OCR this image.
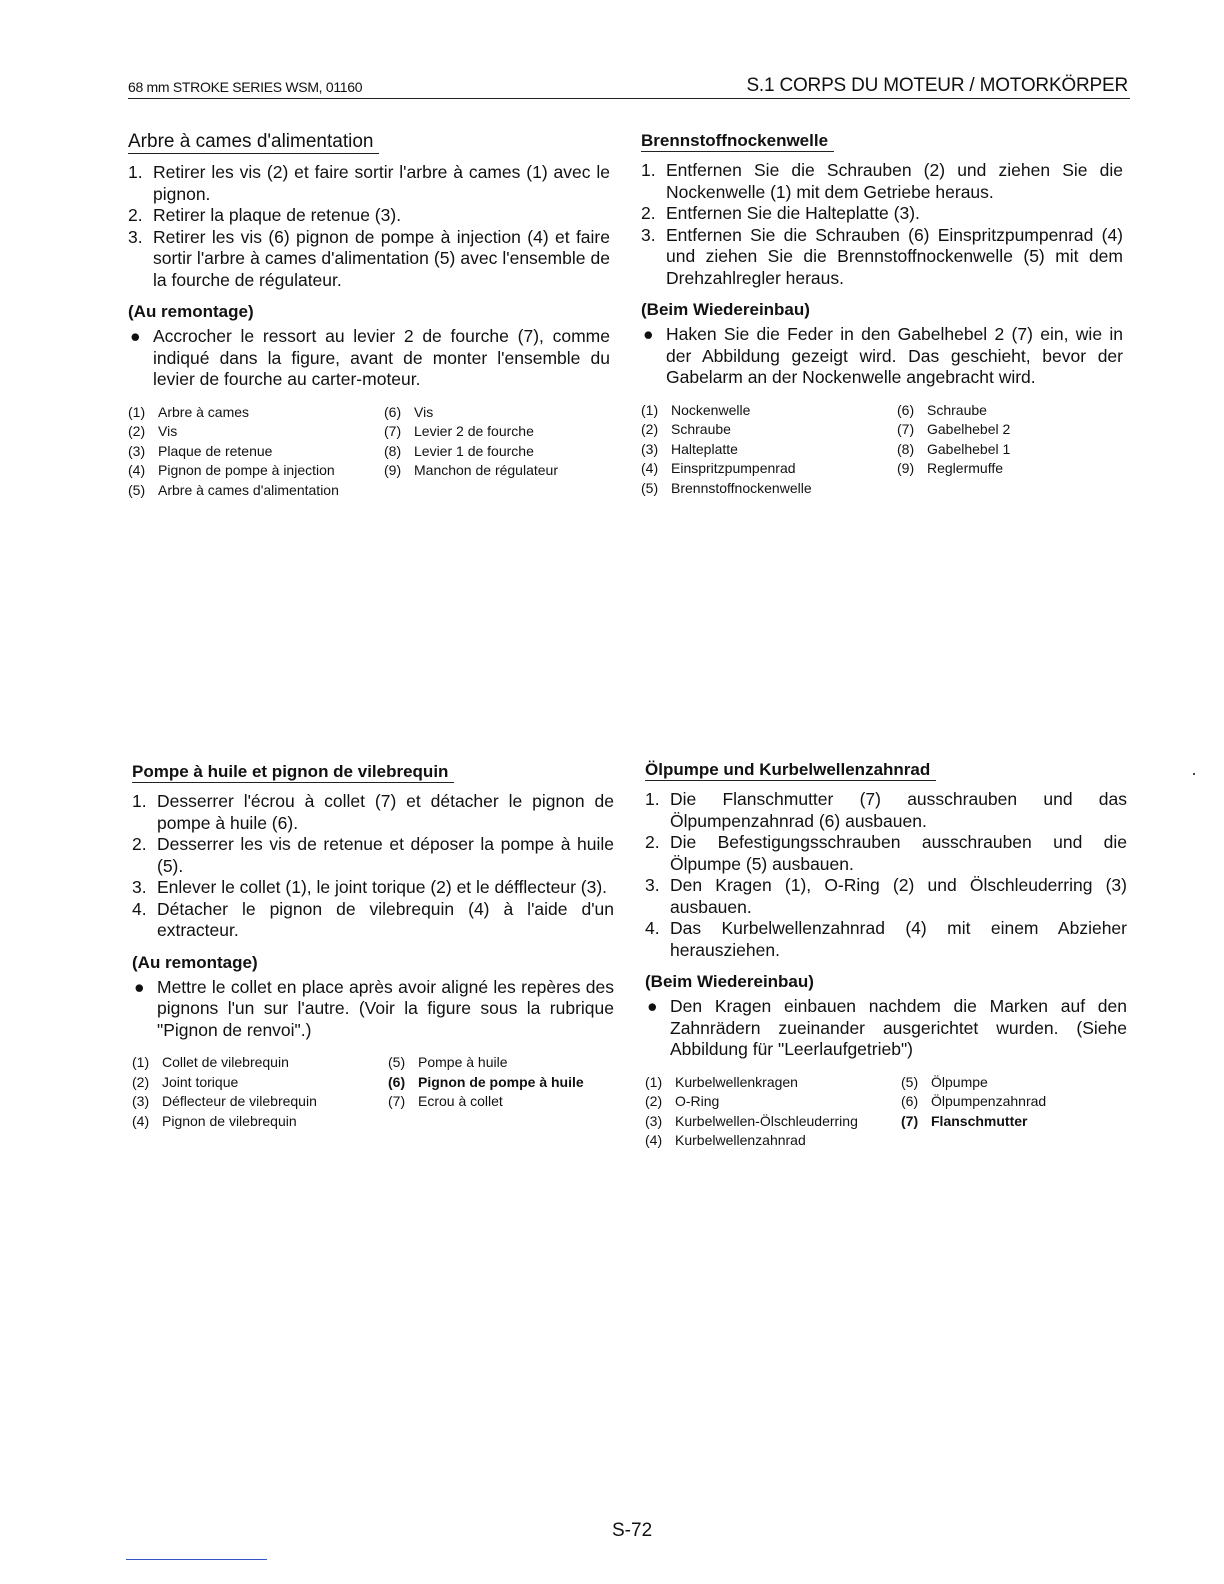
68 mm STROKE SERIES WSM, 01160	S.1 CORPS DU MOTEUR / MOTORKÖRPER
Arbre à cames d'alimentation
1. Retirer les vis (2) et faire sortir l'arbre à cames (1) avec le pignon.
2. Retirer la plaque de retenue (3).
3. Retirer les vis (6) pignon de pompe à injection (4) et faire sortir l'arbre à cames d'alimentation (5) avec l'ensemble de la fourche de régulateur.
(Au remontage)
● Accrocher le ressort au levier 2 de fourche (7), comme indiqué dans la figure, avant de monter l'ensemble du levier de fourche au carter-moteur.
(1) Arbre à cames	(6) Vis
(2) Vis	(7) Levier 2 de fourche
(3) Plaque de retenue	(8) Levier 1 de fourche
(4) Pignon de pompe à injection	(9) Manchon de régulateur
(5) Arbre à cames d'alimentation
Brennstoffnockenwelle
1. Entfernen Sie die Schrauben (2) und ziehen Sie die Nockenwelle (1) mit dem Getriebe heraus.
2. Entfernen Sie die Halteplatte (3).
3. Entfernen Sie die Schrauben (6) Einspritzpumpenrad (4) und ziehen Sie die Brennstoffnockenwelle (5) mit dem Drehzahlregler heraus.
(Beim Wiedereinbau)
● Haken Sie die Feder in den Gabelhebel 2 (7) ein, wie in der Abbildung gezeigt wird. Das geschieht, bevor der Gabelarm an der Nockenwelle angebracht wird.
(1) Nockenwelle	(6) Schraube
(2) Schraube	(7) Gabelhebel 2
(3) Halteplatte	(8) Gabelhebel 1
(4) Einspritzpumpenrad	(9) Reglermuffe
(5) Brennstoffnockenwelle
Pompe à huile et pignon de vilebrequin
1. Desserrer l'écrou à collet (7) et détacher le pignon de pompe à huile (6).
2. Desserrer les vis de retenue et déposer la pompe à huile (5).
3. Enlever le collet (1), le joint torique (2) et le défflecteur (3).
4. Détacher le pignon de vilebrequin (4) à l'aide d'un extracteur.
(Au remontage)
● Mettre le collet en place après avoir aligné les repères des pignons l'un sur l'autre. (Voir la figure sous la rubrique "Pignon de renvoi".)
(1) Collet de vilebrequin	(5) Pompe à huile
(2) Joint torique	(6) Pignon de pompe à huile
(3) Déflecteur de vilebrequin	(7) Ecrou à collet
(4) Pignon de vilebrequin
Ölpumpe und Kurbelwellenzahnrad
1. Die Flanschmutter (7) ausschrauben und das Ölpumpenzahnrad (6) ausbauen.
2. Die Befestigungsschrauben ausschrauben und die Ölpumpe (5) ausbauen.
3. Den Kragen (1), O-Ring (2) und Ölschleuderring (3) ausbauen.
4. Das Kurbelwellenzahnrad (4) mit einem Abzieher herausziehen.
(Beim Wiedereinbau)
● Den Kragen einbauen nachdem die Marken auf den Zahnrädern zueinander ausgerichtet wurden. (Siehe Abbildung für "Leerlaufgetrieb")
(1) Kurbelwellenkragen	(5) Ölpumpe
(2) O-Ring	(6) Ölpumpenzahnrad
(3) Kurbelwellen-Ölschleuderring	(7) Flanschmutter
(4) Kurbelwellenzahnrad
S-72
